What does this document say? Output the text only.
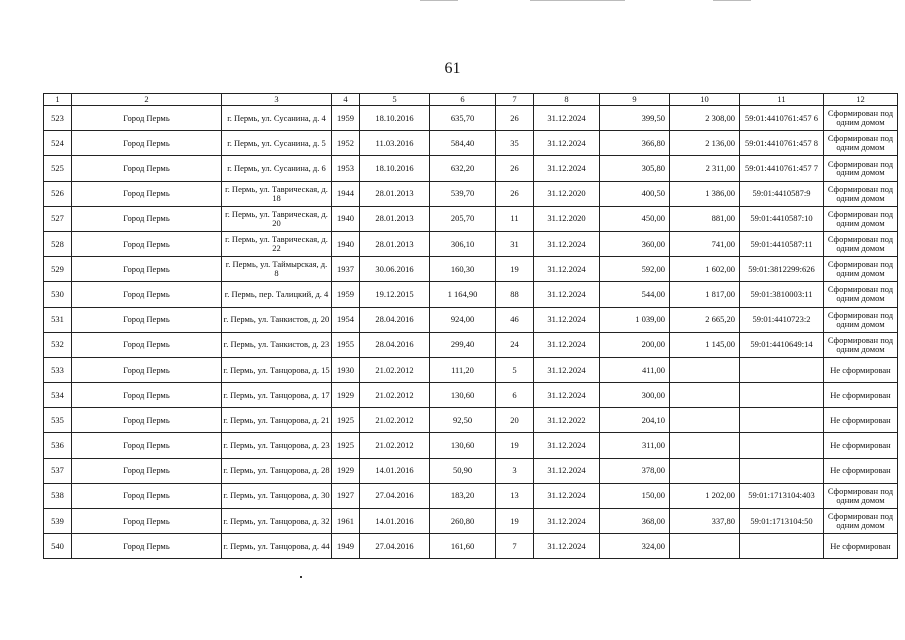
61
1	2	3	4	5	6	7	8	9	10	11	12
523	Город Пермь	г. Пермь, ул. Сусанина, д. 4	1959	18.10.2016	635,70	26	31.12.2024	399,50	2 308,00	59:01:4410761:457 6	Сформирован под одним домом
524	Город Пермь	г. Пермь, ул. Сусанина, д. 5	1952	11.03.2016	584,40	35	31.12.2024	366,80	2 136,00	59:01:4410761:457 8	Сформирован под одним домом
525	Город Пермь	г. Пермь, ул. Сусанина, д. 6	1953	18.10.2016	632,20	26	31.12.2024	305,80	2 311,00	59:01:4410761:457 7	Сформирован под одним домом
526	Город Пермь	г. Пермь, ул. Таврическая, д. 18	1944	28.01.2013	539,70	26	31.12.2020	400,50	1 386,00	59:01:4410587:9	Сформирован под одним домом
527	Город Пермь	г. Пермь, ул. Таврическая, д. 20	1940	28.01.2013	205,70	11	31.12.2020	450,00	881,00	59:01:4410587:10	Сформирован под одним домом
528	Город Пермь	г. Пермь, ул. Таврическая, д. 22	1940	28.01.2013	306,10	31	31.12.2024	360,00	741,00	59:01:4410587:11	Сформирован под одним домом
529	Город Пермь	г. Пермь, ул. Таймырская, д. 8	1937	30.06.2016	160,30	19	31.12.2024	592,00	1 602,00	59:01:3812299:626	Сформирован под одним домом
530	Город Пермь	г. Пермь, пер. Талицкий, д. 4	1959	19.12.2015	1 164,90	88	31.12.2024	544,00	1 817,00	59:01:3810003:11	Сформирован под одним домом
531	Город Пермь	г. Пермь, ул. Танкистов, д. 20	1954	28.04.2016	924,00	46	31.12.2024	1 039,00	2 665,20	59:01:4410723:2	Сформирован под одним домом
532	Город Пермь	г. Пермь, ул. Танкистов, д. 23	1955	28.04.2016	299,40	24	31.12.2024	200,00	1 145,00	59:01:4410649:14	Сформирован под одним домом
533	Город Пермь	г. Пермь, ул. Танцорова, д. 15	1930	21.02.2012	111,20	5	31.12.2024	411,00			Не сформирован
534	Город Пермь	г. Пермь, ул. Танцорова, д. 17	1929	21.02.2012	130,60	6	31.12.2024	300,00			Не сформирован
535	Город Пермь	г. Пермь, ул. Танцорова, д. 21	1925	21.02.2012	92,50	20	31.12.2022	204,10			Не сформирован
536	Город Пермь	г. Пермь, ул. Танцорова, д. 23	1925	21.02.2012	130,60	19	31.12.2024	311,00			Не сформирован
537	Город Пермь	г. Пермь, ул. Танцорова, д. 28	1929	14.01.2016	50,90	3	31.12.2024	378,00			Не сформирован
538	Город Пермь	г. Пермь, ул. Танцорова, д. 30	1927	27.04.2016	183,20	13	31.12.2024	150,00	1 202,00	59:01:1713104:403	Сформирован под одним домом
539	Город Пермь	г. Пермь, ул. Танцорова, д. 32	1961	14.01.2016	260,80	19	31.12.2024	368,00	337,80	59:01:1713104:50	Сформирован под одним домом
540	Город Пермь	г. Пермь, ул. Танцорова, д. 44	1949	27.04.2016	161,60	7	31.12.2024	324,00			Не сформирован
